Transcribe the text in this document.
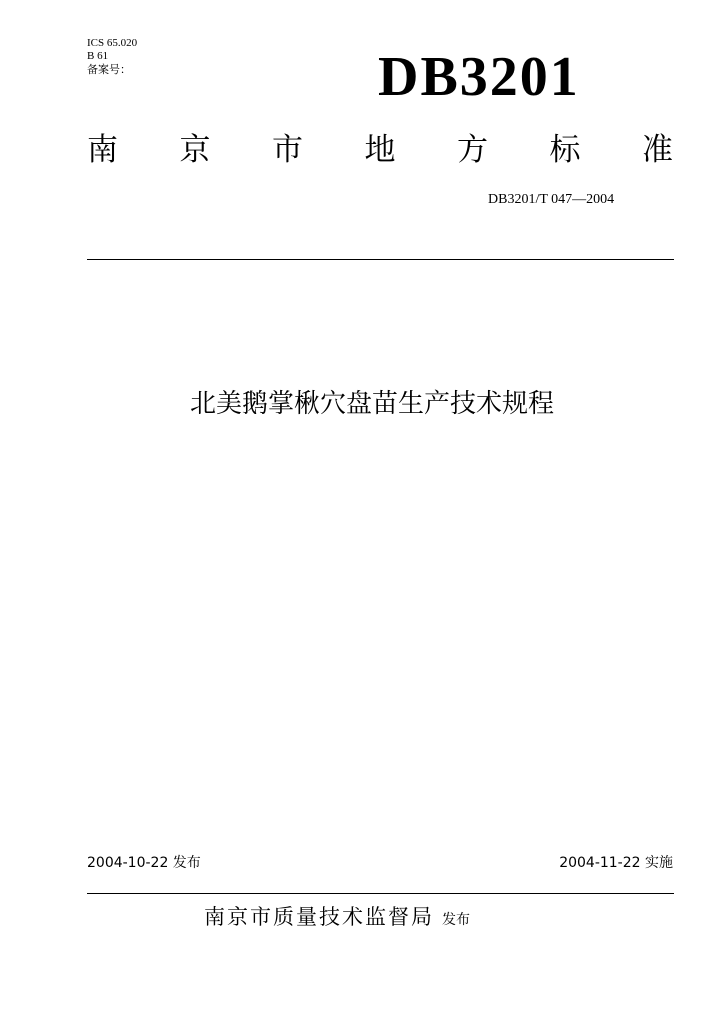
ICS 65.020
B 61
备案号：	DB3201
南 京 市 地 方 标 准
DB3201/T 047—2004
北美鹅掌楸穴盘苗生产技术规程
2004-10-22 发布	2004-11-22 实施
南京市质量技术监督局 发布
